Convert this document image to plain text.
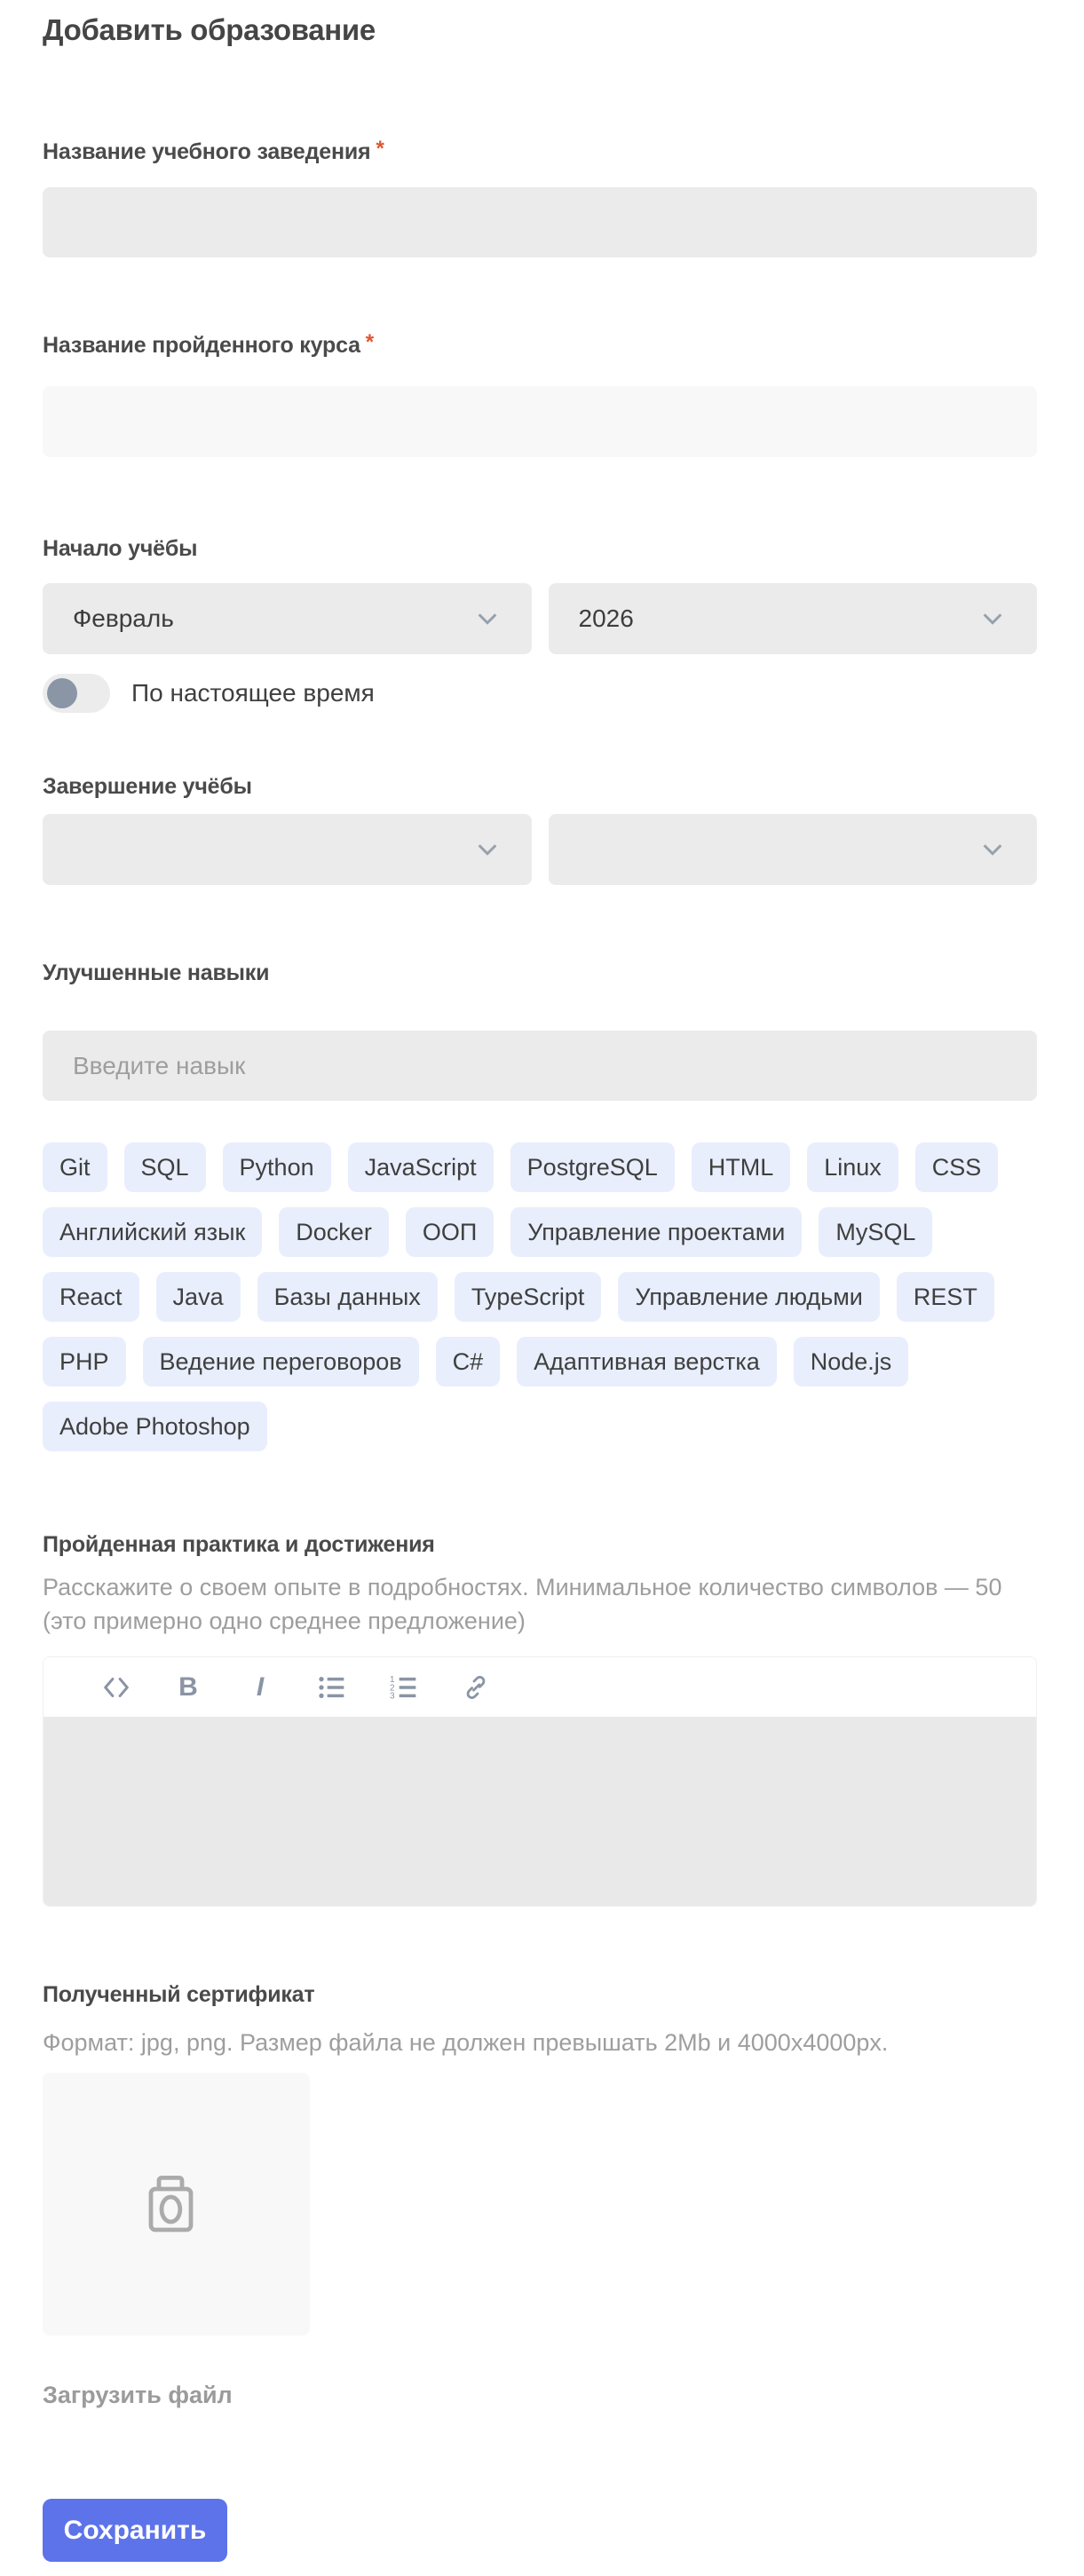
Добавить образование
Название учебного заведения *
Название пройденного курса *
Начало учёбы
Февраль	2026
По настоящее время
Завершение учёбы
Улучшенные навыки
Введите навык
Git	SQL	Python	JavaScript	PostgreSQL	HTML	Linux	CSS
Английский язык	Docker	ООП	Управление проектами	MySQL
React	Java	Базы данных	TypeScript	Управление людьми	REST
PHP	Ведение переговоров	C#	Адаптивная верстка	Node.js
Adobe Photoshop
Пройденная практика и достижения
Расскажите о своем опыте в подробностях. Минимальное количество символов — 50 (это примерно одно среднее предложение)
B I	1
2
3
Полученный сертификат
Формат: jpg, png. Размер файла не должен превышать 2Mb и 4000x4000px.
Загрузить файл
Сохранить
